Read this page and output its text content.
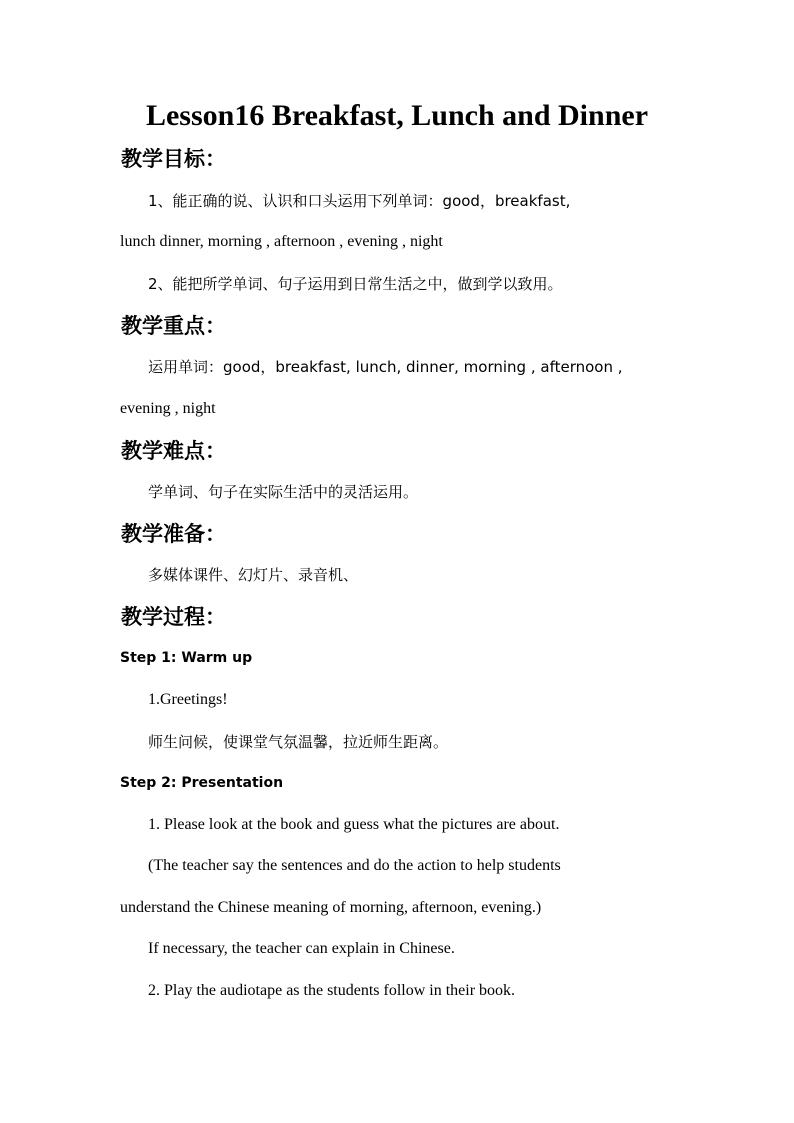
Lesson16 Breakfast, Lunch and Dinner
教学目标：
1、能正确的说、认识和口头运用下列单词：good，breakfast,
lunch dinner, morning , afternoon , evening , night
2、能把所学单词、句子运用到日常生活之中，做到学以致用。
教学重点：
运用单词：good，breakfast, lunch, dinner, morning , afternoon ,
evening , night
教学难点：
学单词、句子在实际生活中的灵活运用。
教学准备：
多媒体课件、幻灯片、录音机、
教学过程：
Step 1: Warm up
1.Greetings!
师生问候，使课堂气氛温馨，拉近师生距离。
Step 2: Presentation
1. Please look at the book and guess what the pictures are about.
(The teacher say the sentences and do the action to help students
understand the Chinese meaning of morning, afternoon, evening.)
If necessary, the teacher can explain in Chinese.
2. Play the audiotape as the students follow in their book.
